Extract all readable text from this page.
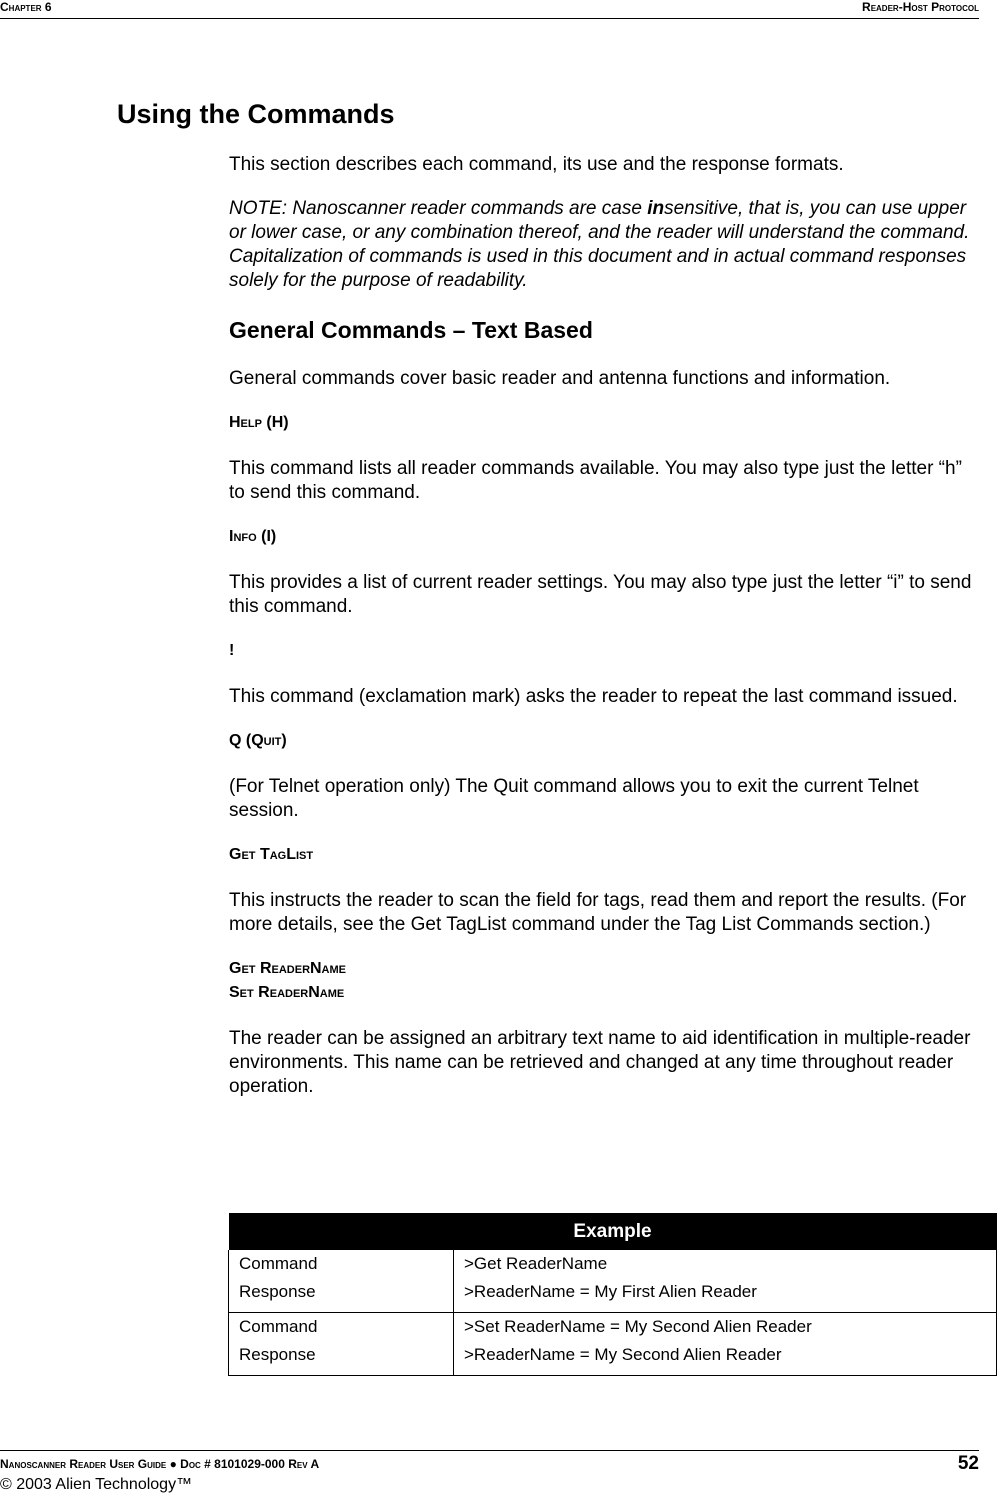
Chapter 6	Reader-Host Protocol
Using the Commands

This section describes each command, its use and the response formats.

NOTE: Nanoscanner reader commands are case insensitive, that is, you can use upper or lower case, or any combination thereof, and the reader will understand the command. Capitalization of commands is used in this document and in actual command responses solely for the purpose of readability.

General Commands – Text Based

General commands cover basic reader and antenna functions and information.

Help (H)

This command lists all reader commands available. You may also type just the letter “h” to send this command.

Info (I)

This provides a list of current reader settings. You may also type just the letter “i” to send this command.

!

This command (exclamation mark) asks the reader to repeat the last command issued.

Q (Quit)

(For Telnet operation only) The Quit command allows you to exit the current Telnet session.

Get TagList

This instructs the reader to scan the field for tags, read them and report the results. (For more details, see the Get TagList command under the Tag List Commands section.)

Get ReaderName
Set ReaderName

The reader can be assigned an arbitrary text name to aid identification in multiple-reader environments. This name can be retrieved and changed at any time throughout reader operation.

Example	
Command	>Get ReaderName
Response	>ReaderName = My First Alien Reader
Command	>Set ReaderName = My Second Alien Reader
Response	>ReaderName = My Second Alien Reader
Nanoscanner Reader User Guide ● Doc # 8101029-000 Rev A	52
© 2003 Alien Technology™
